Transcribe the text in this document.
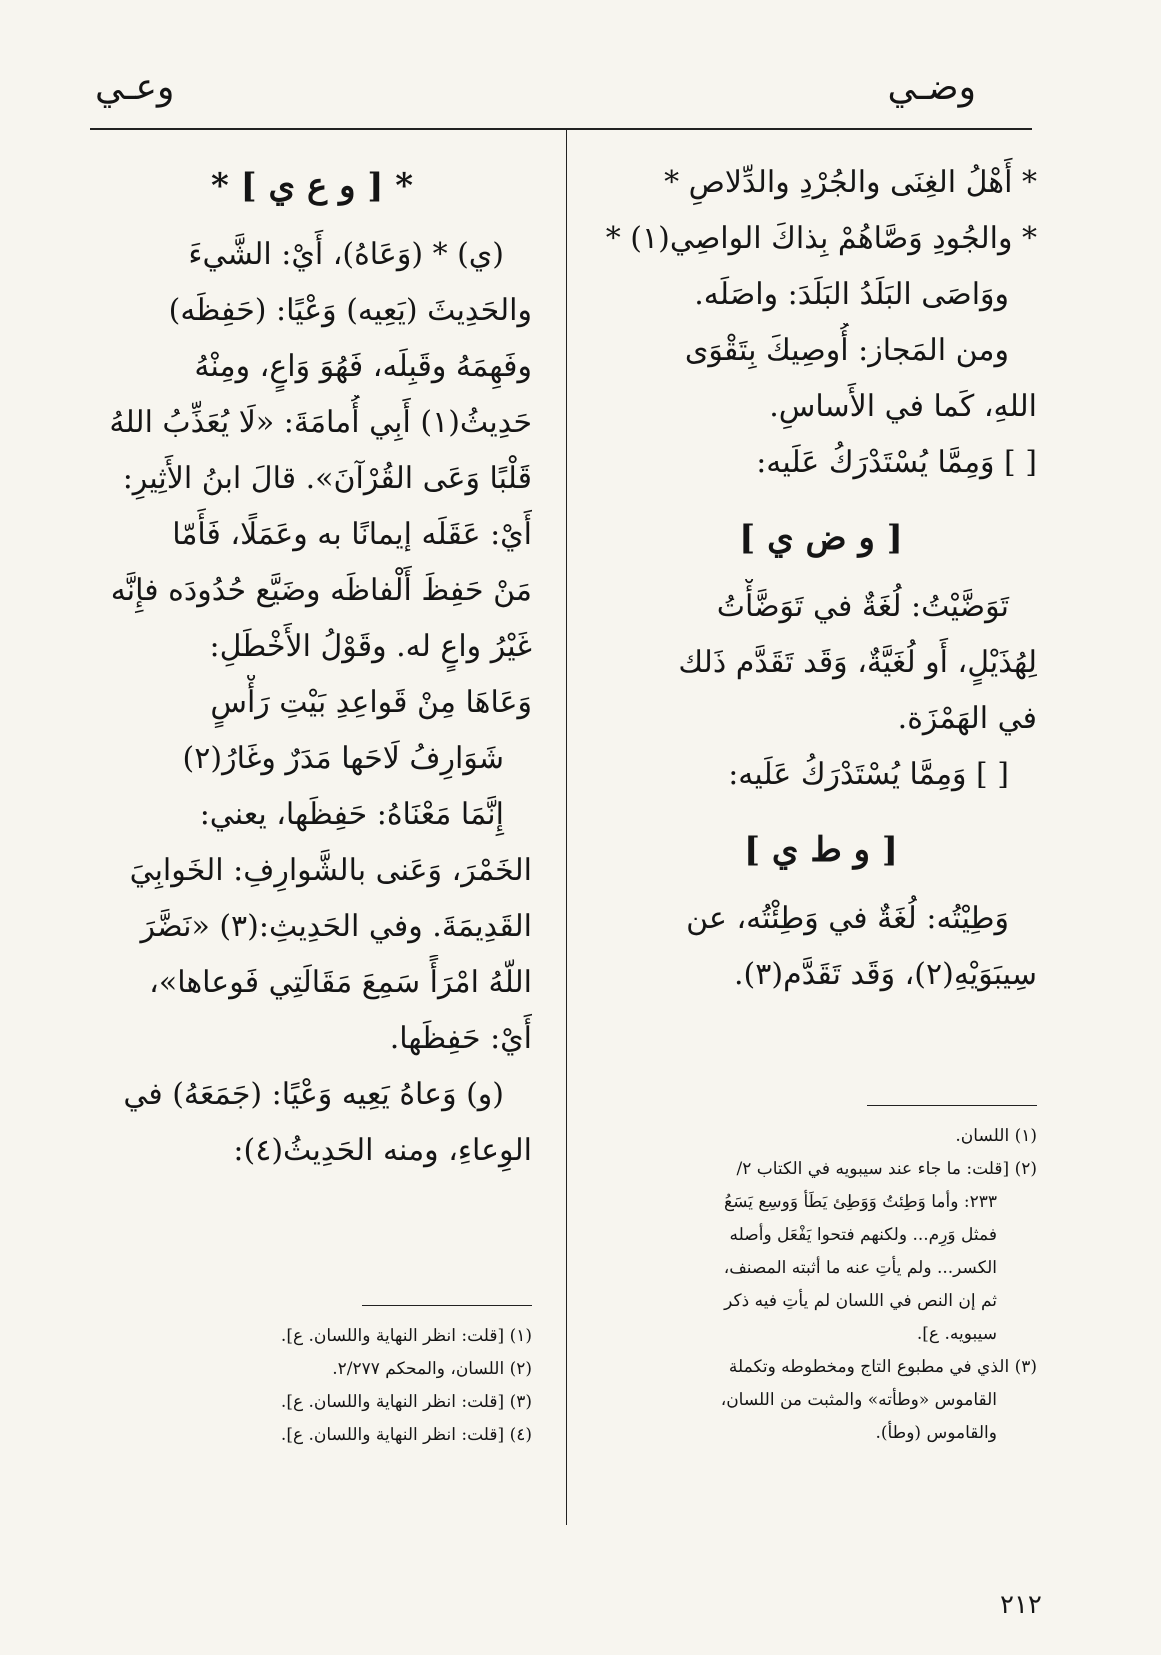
وضـي

وعـي

* أَهْلُ الغِنَى والجُرْدِ والدِّلاصِ *
* والجُودِ وَصَّاهُمْ بِذاكَ الواصِي(١) *
ووَاصَى البَلَدُ البَلَدَ: واصَلَه.
ومن المَجاز: أُوصِيكَ بِتَقْوَى
اللهِ، كَما في الأَساسِ.
[ ] وَمِمَّا يُسْتَدْرَكُ عَلَيه:
[ و ض ي ]
تَوَضَّيْتُ: لُغَةٌ في تَوَضَّأْتُ
لِهُذَيْلٍ، أَو لُغَيَّةٌ، وَقَد تَقَدَّم ذَلك
في الهَمْزَة.
[ ] وَمِمَّا يُسْتَدْرَكُ عَلَيه:
[ و ط ي ]
وَطِيْتُه: لُغَةٌ في وَطِئْتُه، عن
سِيبَوَيْهِ(٢)، وَقَد تَقَدَّم(٣).
(١) اللسان.
(٢) [قلت: ما جاء عند سيبويه في الكتاب ٢/
٢٣٣: وأما وَطِئتُ وَوَطِئ يَطَأ وَوسِع يَسَعُ
فمثل وَرِم... ولكنهم فتحوا يَفْعَل وأصله
الكسر... ولم يأتِ عنه ما أثبته المصنف،
ثم إن النص في اللسان لم يأتِ فيه ذكر
سيبويه. ع].
(٣) الذي في مطبوع التاج ومخطوطه وتكملة
القاموس «وطأته» والمثبت من اللسان،
والقاموس (وطأ).
* [ و ع ي ] *
(ي) * (وَعَاهُ)، أَيْ: الشَّيءَ
والحَدِيثَ (يَعِيه) وَعْيًا: (حَفِظَه)
وفَهِمَهُ وقَبِلَه، فَهُوَ وَاعٍ، ومِنْهُ
حَدِيثُ(١) أَبِي أُمامَةَ: «لَا يُعَذِّبُ اللهُ
قَلْبًا وَعَى القُرْآنَ». قالَ ابنُ الأَثِيرِ:
أَيْ: عَقَلَه إيمانًا به وعَمَلًا، فَأَمّا
مَنْ حَفِظَ أَلْفاظَه وضَيَّع حُدُودَه فإِنَّه
غَيْرُ واعٍ له. وقَوْلُ الأَخْطَلِ:
وَعَاهَا مِنْ قَواعِدِ بَيْتِ رَأْسٍ
شَوَارِفُ لَاحَها مَدَرٌ وغَارُ(٢)
إِنَّمَا مَعْنَاهُ: حَفِظَها، يعني:
الخَمْرَ، وَعَنى بالشَّوارِفِ: الخَوابِيَ
القَدِيمَةَ. وفي الحَدِيثِ:(٣) «نَضَّرَ
اللّهُ امْرَأً سَمِعَ مَقَالَتِي فَوعاها»،
أَيْ: حَفِظَها.
(و) وَعاهُ يَعِيه وَعْيًا: (جَمَعَهُ) في
الوِعاءِ، ومنه الحَدِيثُ(٤):
(١) [قلت: انظر النهاية واللسان. ع].
(٢) اللسان، والمحكم ٢/٢٧٧.
(٣) [قلت: انظر النهاية واللسان. ع].
(٤) [قلت: انظر النهاية واللسان. ع].

٢١٢
